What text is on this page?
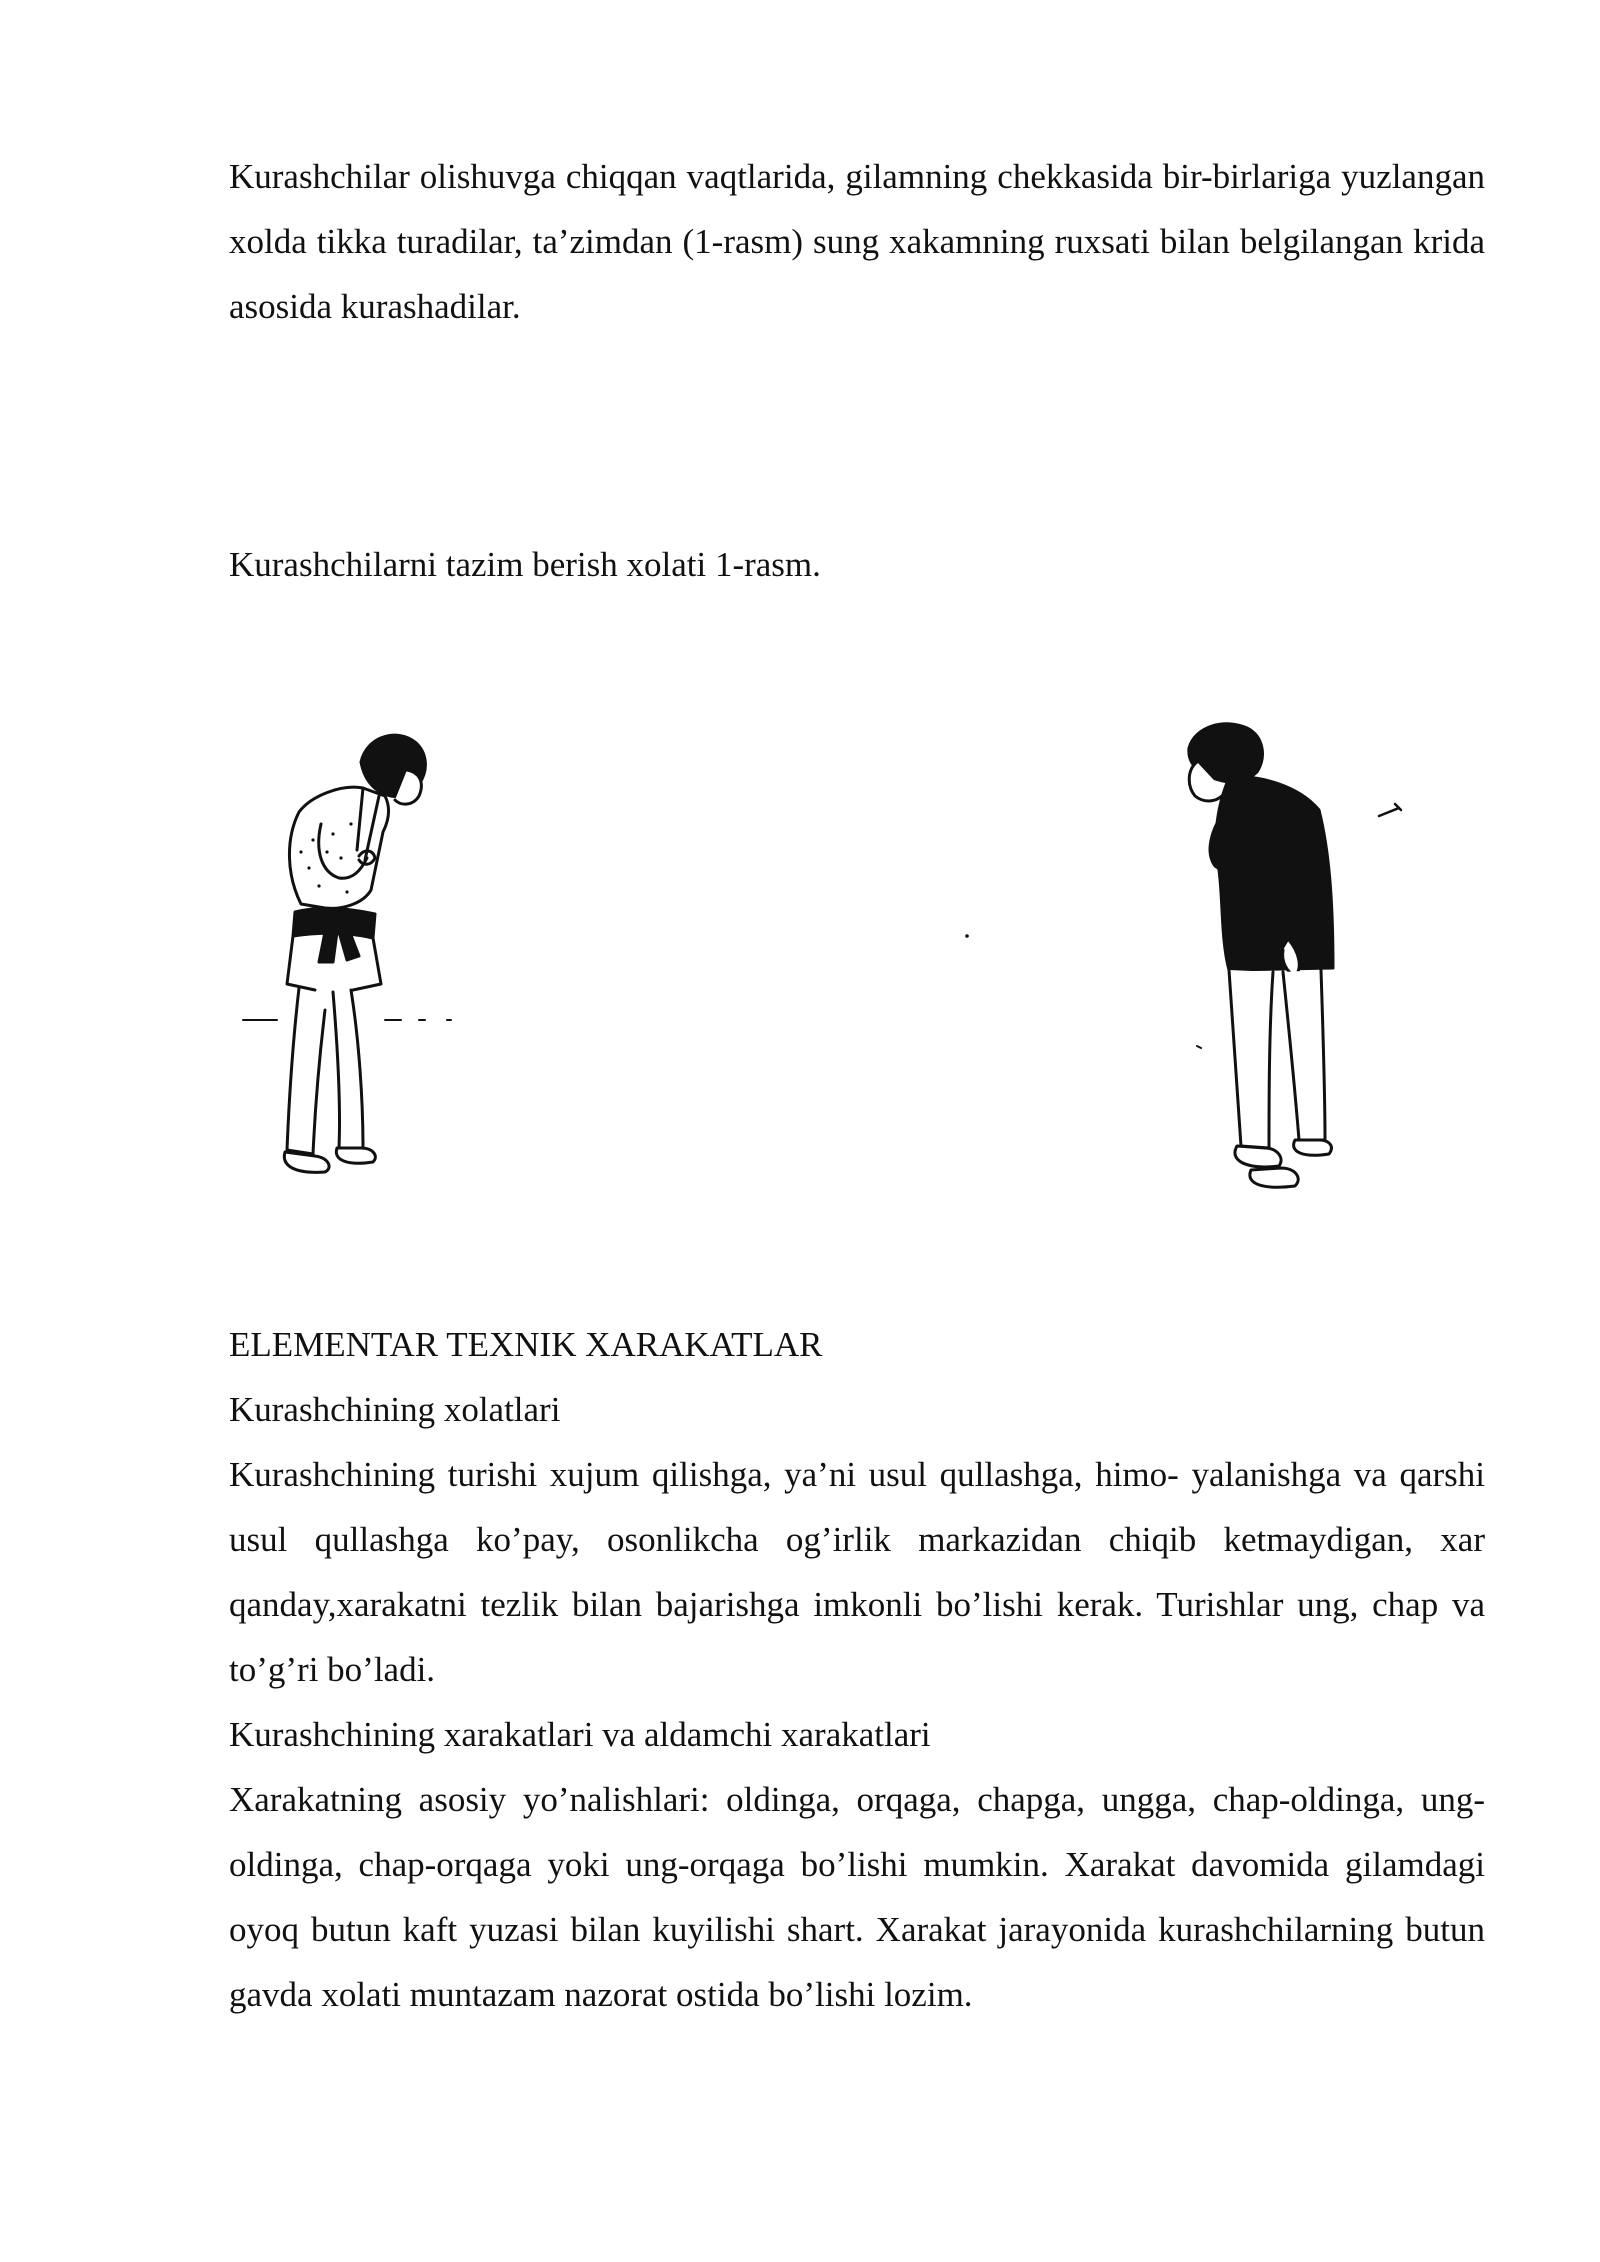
Kurashchilar olishuvga chiqqan vaqtlarida, gilamning chekkasida bir-birlariga yuzlangan xolda tikka turadilar, ta’zimdan (1-rasm) sung xakamning ruxsati bilan belgilangan krida asosida kurashadilar.

Kurashchilarni tazim berish xolati 1-rasm.

ELEMENTAR TEXNIK XARAKATLAR

Kurashchining xolatlari

Kurashchining turishi xujum qilishga, ya’ni usul qullashga, himo- yalanishga va qarshi usul qullashga ko’pay, osonlikcha og’irlik markazidan chiqib ketmaydigan, xar qanday,xarakatni tezlik bilan bajarishga imkonli bo’lishi kerak. Turishlar ung, chap va to’g’ri bo’ladi.

Kurashchining xarakatlari va aldamchi xarakatlari

Xarakatning asosiy yo’nalishlari: oldinga, orqaga, chapga, ungga, chap-oldinga, ung-oldinga, chap-orqaga yoki ung-orqaga bo’lishi mumkin. Xarakat davomida gilamdagi oyoq butun kaft yuzasi bilan kuyilishi shart. Xarakat jarayonida kurashchilarning butun gavda xolati muntazam nazorat ostida bo’lishi lozim.
